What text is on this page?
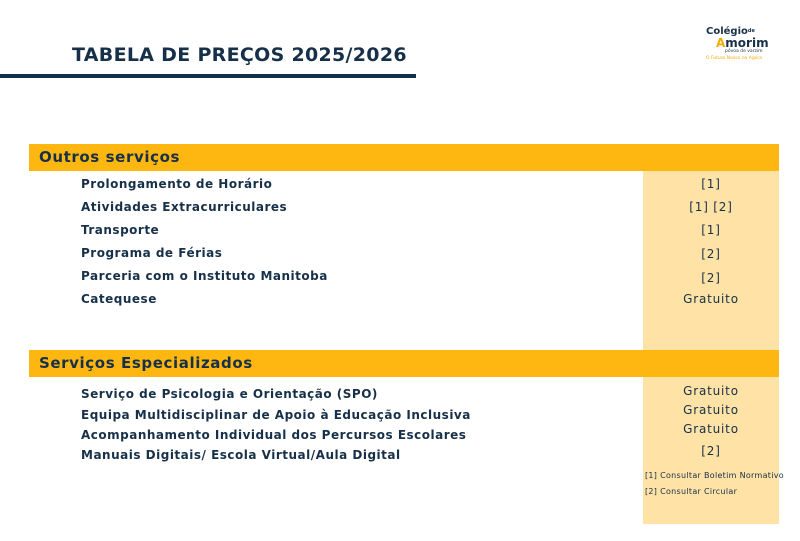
TABELA DE PREÇOS 2025/2026
Colégio$^{de}$
Amorim
póvoa de varzim
O Futuro Nosso no Agora
Outros serviços
Prolongamento de Horário	[1]
Atividades Extracurriculares	[1] [2]
Transporte	[1]
Programa de Férias	[2]
Parceria com o Instituto Manitoba	[2]
Catequese	Gratuito
Serviços Especializados
Serviço de Psicologia e Orientação (SPO)	Gratuito
Equipa Multidisciplinar de Apoio à Educação Inclusiva	Gratuito
Acompanhamento Individual dos Percursos Escolares	Gratuito
Manuais Digitais/ Escola Virtual/Aula Digital	[2]
[1] Consultar Boletim Normativo
[2] Consultar Circular
